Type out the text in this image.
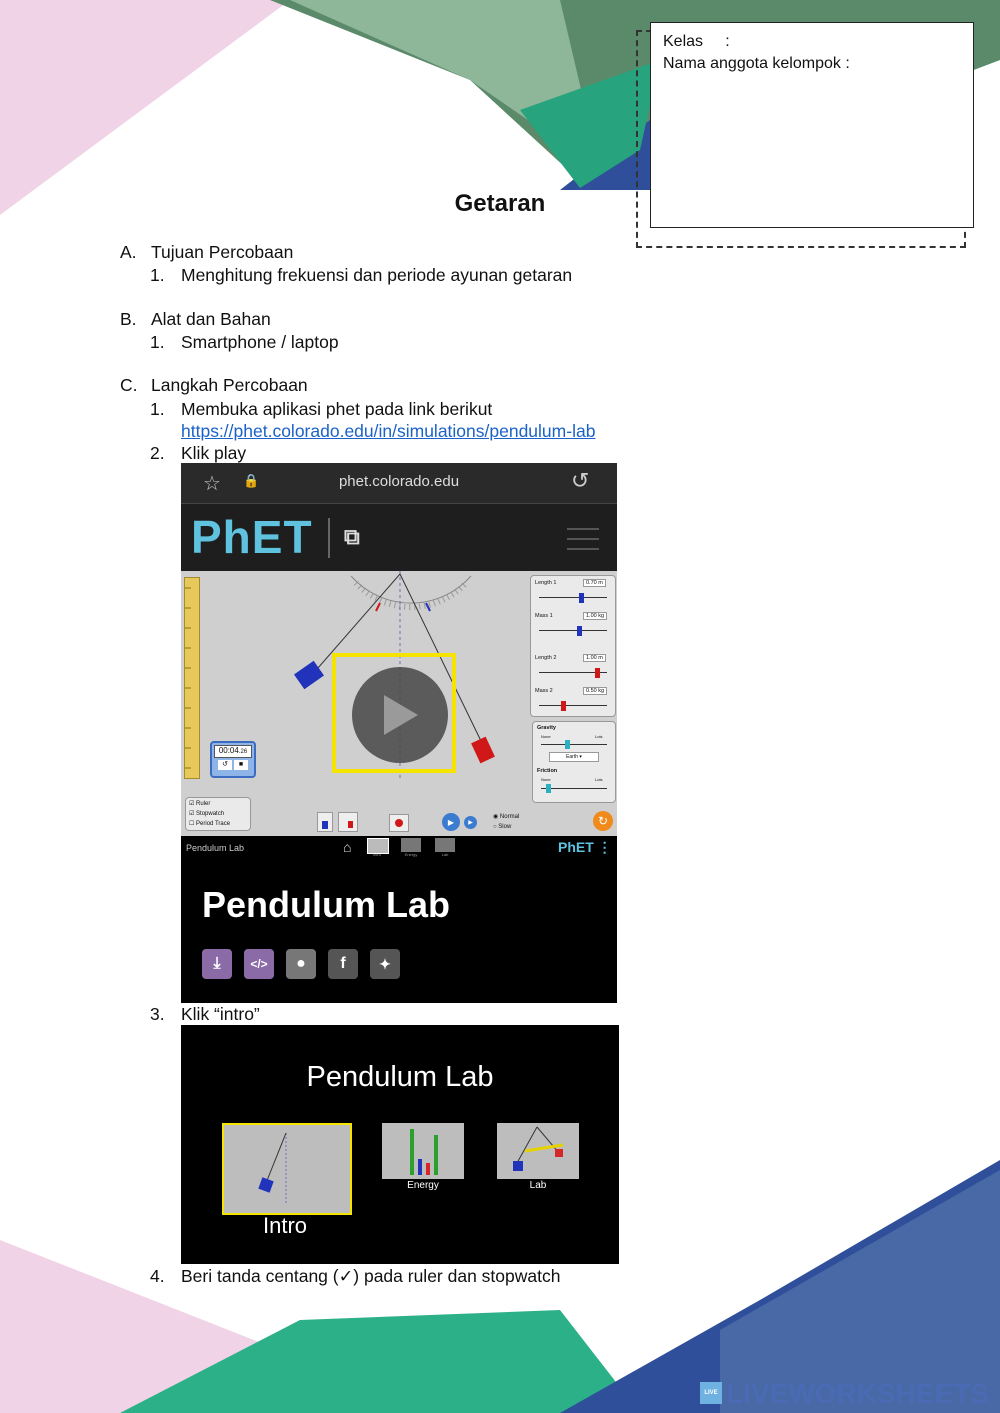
Getaran
Kelas     :
Nama anggota kelompok :
A. Tujuan Percobaan
1. Menghitung frekuensi dan periode ayunan getaran
B. Alat dan Bahan
1. Smartphone / laptop
C. Langkah Percobaan
1. Membuka aplikasi phet pada link berikut
https://phet.colorado.edu/in/simulations/pendulum-lab
2. Klik play
☆ 🔒	phet.colorado.edu	↺
PhET ⧉
00:04.26
↺	■
☑ Ruler
☑ Stopwatch
☐ Period Trace	▶	▶
◉ Normal
○ Slow	↻
Length 1	0.70 m
Mass 1	1.00 kg
Length 2	1.00 m
Mass 2	0.50 kg
Gravity
None	Lots
Earth ▾
Friction
None	Lots
Pendulum Lab	⌂	Intro	Energy	Lab	PhET ⋮
Pendulum Lab
⤓	</>	●	f	✦
3. Klik “intro”
Pendulum Lab
Intro
Energy	Lab
4. Beri tanda centang (✓) pada ruler dan stopwatch
LIVE LIVEWORKSHEETS
